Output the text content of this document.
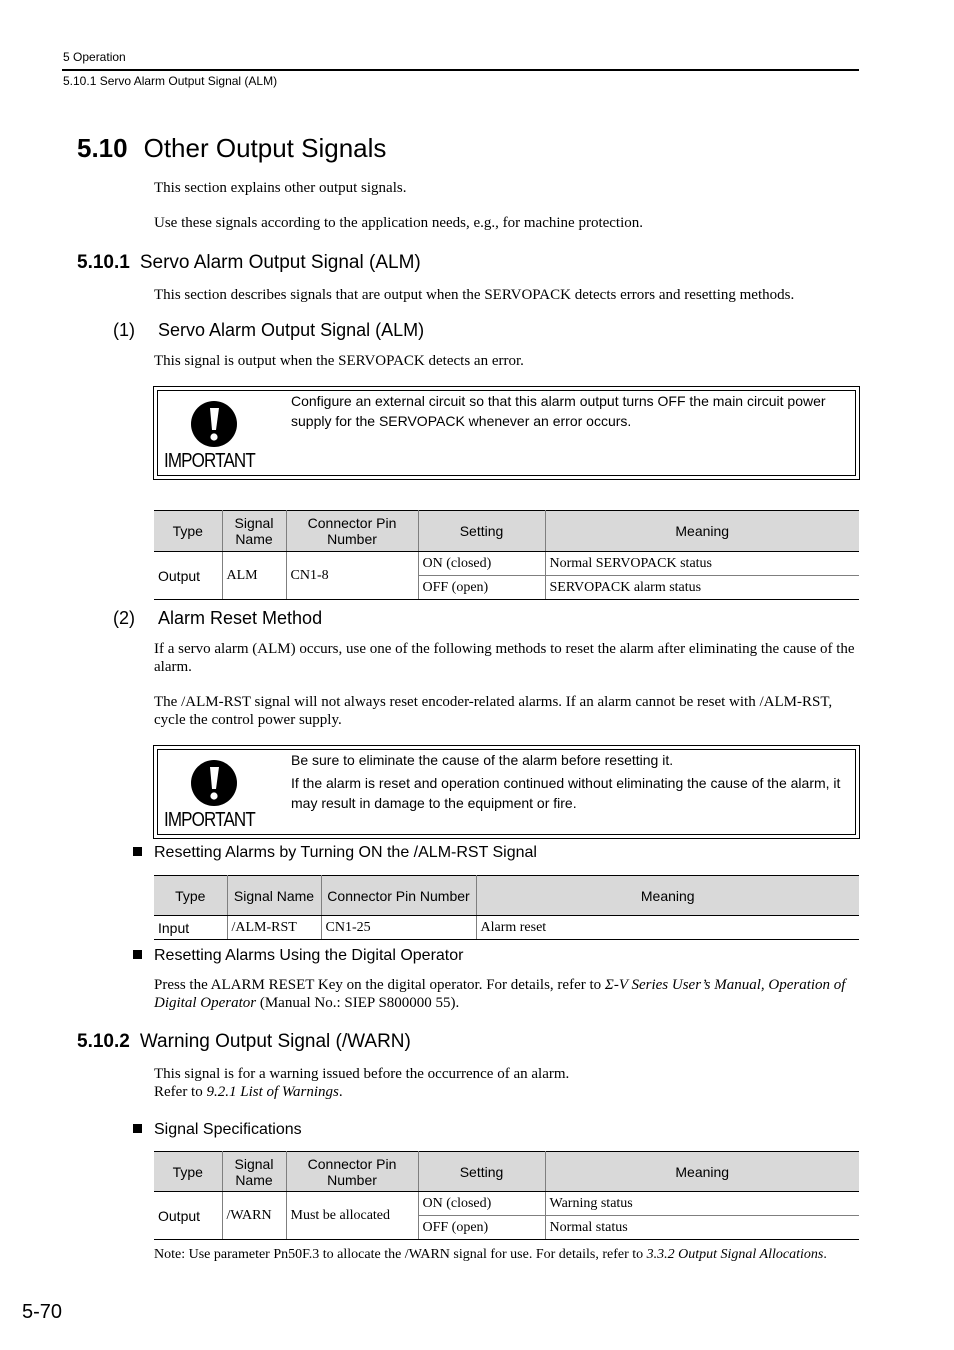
5 Operation
5.10.1 Servo Alarm Output Signal (ALM)
5.10 Other Output Signals
This section explains other output signals.
Use these signals according to the application needs, e.g., for machine protection.
5.10.1 Servo Alarm Output Signal (ALM)
This section describes signals that are output when the SERVOPACK detects errors and resetting methods.
(1) Servo Alarm Output Signal (ALM)
This signal is output when the SERVOPACK detects an error.
IMPORTANT
Configure an external circuit so that this alarm output turns OFF the main circuit power supply for the SERVOPACK whenever an error occurs.
Type	Signal Name	Connector Pin Number	Setting	Meaning
Output	ALM	CN1-8	ON (closed)	Normal SERVOPACK status
			OFF (open)	SERVOPACK alarm status
(2) Alarm Reset Method
If a servo alarm (ALM) occurs, use one of the following methods to reset the alarm after eliminating the cause of the alarm.
The /ALM-RST signal will not always reset encoder-related alarms. If an alarm cannot be reset with /ALM-RST, cycle the control power supply.
IMPORTANT
Be sure to eliminate the cause of the alarm before resetting it.
If the alarm is reset and operation continued without eliminating the cause of the alarm, it may result in damage to the equipment or fire.
Resetting Alarms by Turning ON the /ALM-RST Signal
Type	Signal Name	Connector Pin Number	Meaning
Input	/ALM-RST	CN1-25	Alarm reset
Resetting Alarms Using the Digital Operator
Press the ALARM RESET Key on the digital operator. For details, refer to Σ-V Series User’s Manual, Operation of Digital Operator (Manual No.: SIEP S800000 55).
5.10.2 Warning Output Signal (/WARN)
This signal is for a warning issued before the occurrence of an alarm.
Refer to 9.2.1 List of Warnings.
Signal Specifications
Type	Signal Name	Connector Pin Number	Setting	Meaning
Output	/WARN	Must be allocated	ON (closed)	Warning status
			OFF (open)	Normal status
Note: Use parameter Pn50F.3 to allocate the /WARN signal for use. For details, refer to 3.3.2 Output Signal Allocations.
5-70
